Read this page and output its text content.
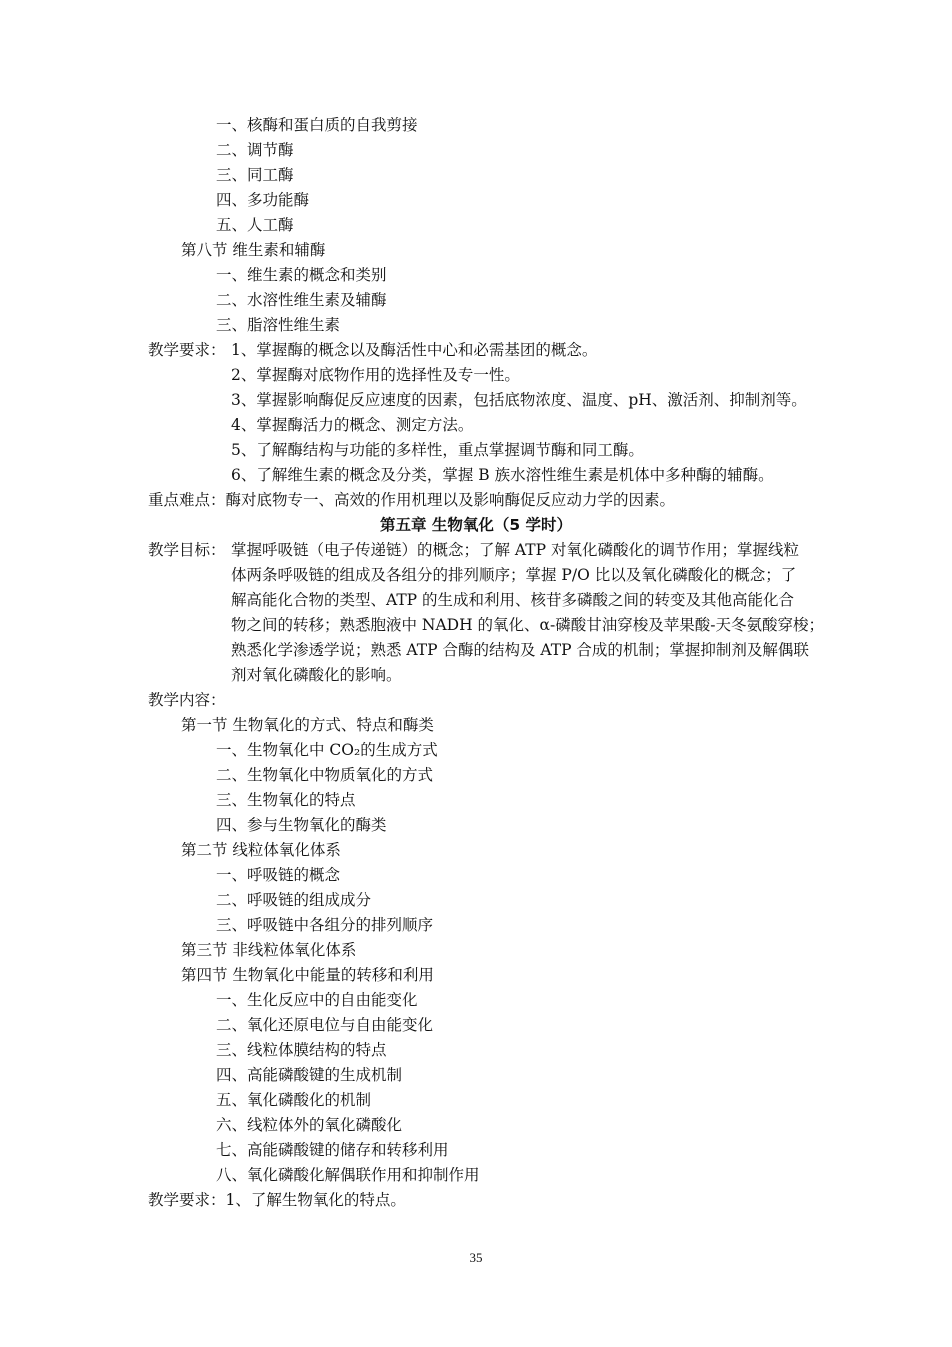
一、核酶和蛋白质的自我剪接
二、调节酶
三、同工酶
四、多功能酶
五、人工酶
第八节 维生素和辅酶
一、维生素的概念和类别
二、水溶性维生素及辅酶
三、脂溶性维生素
教学要求： 1、掌握酶的概念以及酶活性中心和必需基团的概念。
2、掌握酶对底物作用的选择性及专一性。
3、掌握影响酶促反应速度的因素，包括底物浓度、温度、pH、激活剂、抑制剂等。
4、掌握酶活力的概念、测定方法。
5、了解酶结构与功能的多样性，重点掌握调节酶和同工酶。
6、了解维生素的概念及分类，掌握 B 族水溶性维生素是机体中多种酶的辅酶。
重点难点：酶对底物专一、高效的作用机理以及影响酶促反应动力学的因素。
第五章 生物氧化（5 学时）
教学目标： 掌握呼吸链（电子传递链）的概念；了解 ATP 对氧化磷酸化的调节作用；掌握线粒
体两条呼吸链的组成及各组分的排列顺序；掌握 P/O 比以及氧化磷酸化的概念；了
解高能化合物的类型、ATP 的生成和利用、核苷多磷酸之间的转变及其他高能化合
物之间的转移；熟悉胞液中 NADH 的氧化、α-磷酸甘油穿梭及苹果酸-天冬氨酸穿梭；
熟悉化学渗透学说；熟悉 ATP 合酶的结构及 ATP 合成的机制；掌握抑制剂及解偶联
剂对氧化磷酸化的影响。
教学内容：
第一节 生物氧化的方式、特点和酶类
一、生物氧化中 CO₂的生成方式
二、生物氧化中物质氧化的方式
三、生物氧化的特点
四、参与生物氧化的酶类
第二节 线粒体氧化体系
一、呼吸链的概念
二、呼吸链的组成成分
三、呼吸链中各组分的排列顺序
第三节 非线粒体氧化体系
第四节 生物氧化中能量的转移和利用
一、生化反应中的自由能变化
二、氧化还原电位与自由能变化
三、线粒体膜结构的特点
四、高能磷酸键的生成机制
五、氧化磷酸化的机制
六、线粒体外的氧化磷酸化
七、高能磷酸键的储存和转移利用
八、氧化磷酸化解偶联作用和抑制作用
教学要求：1、了解生物氧化的特点。
35
